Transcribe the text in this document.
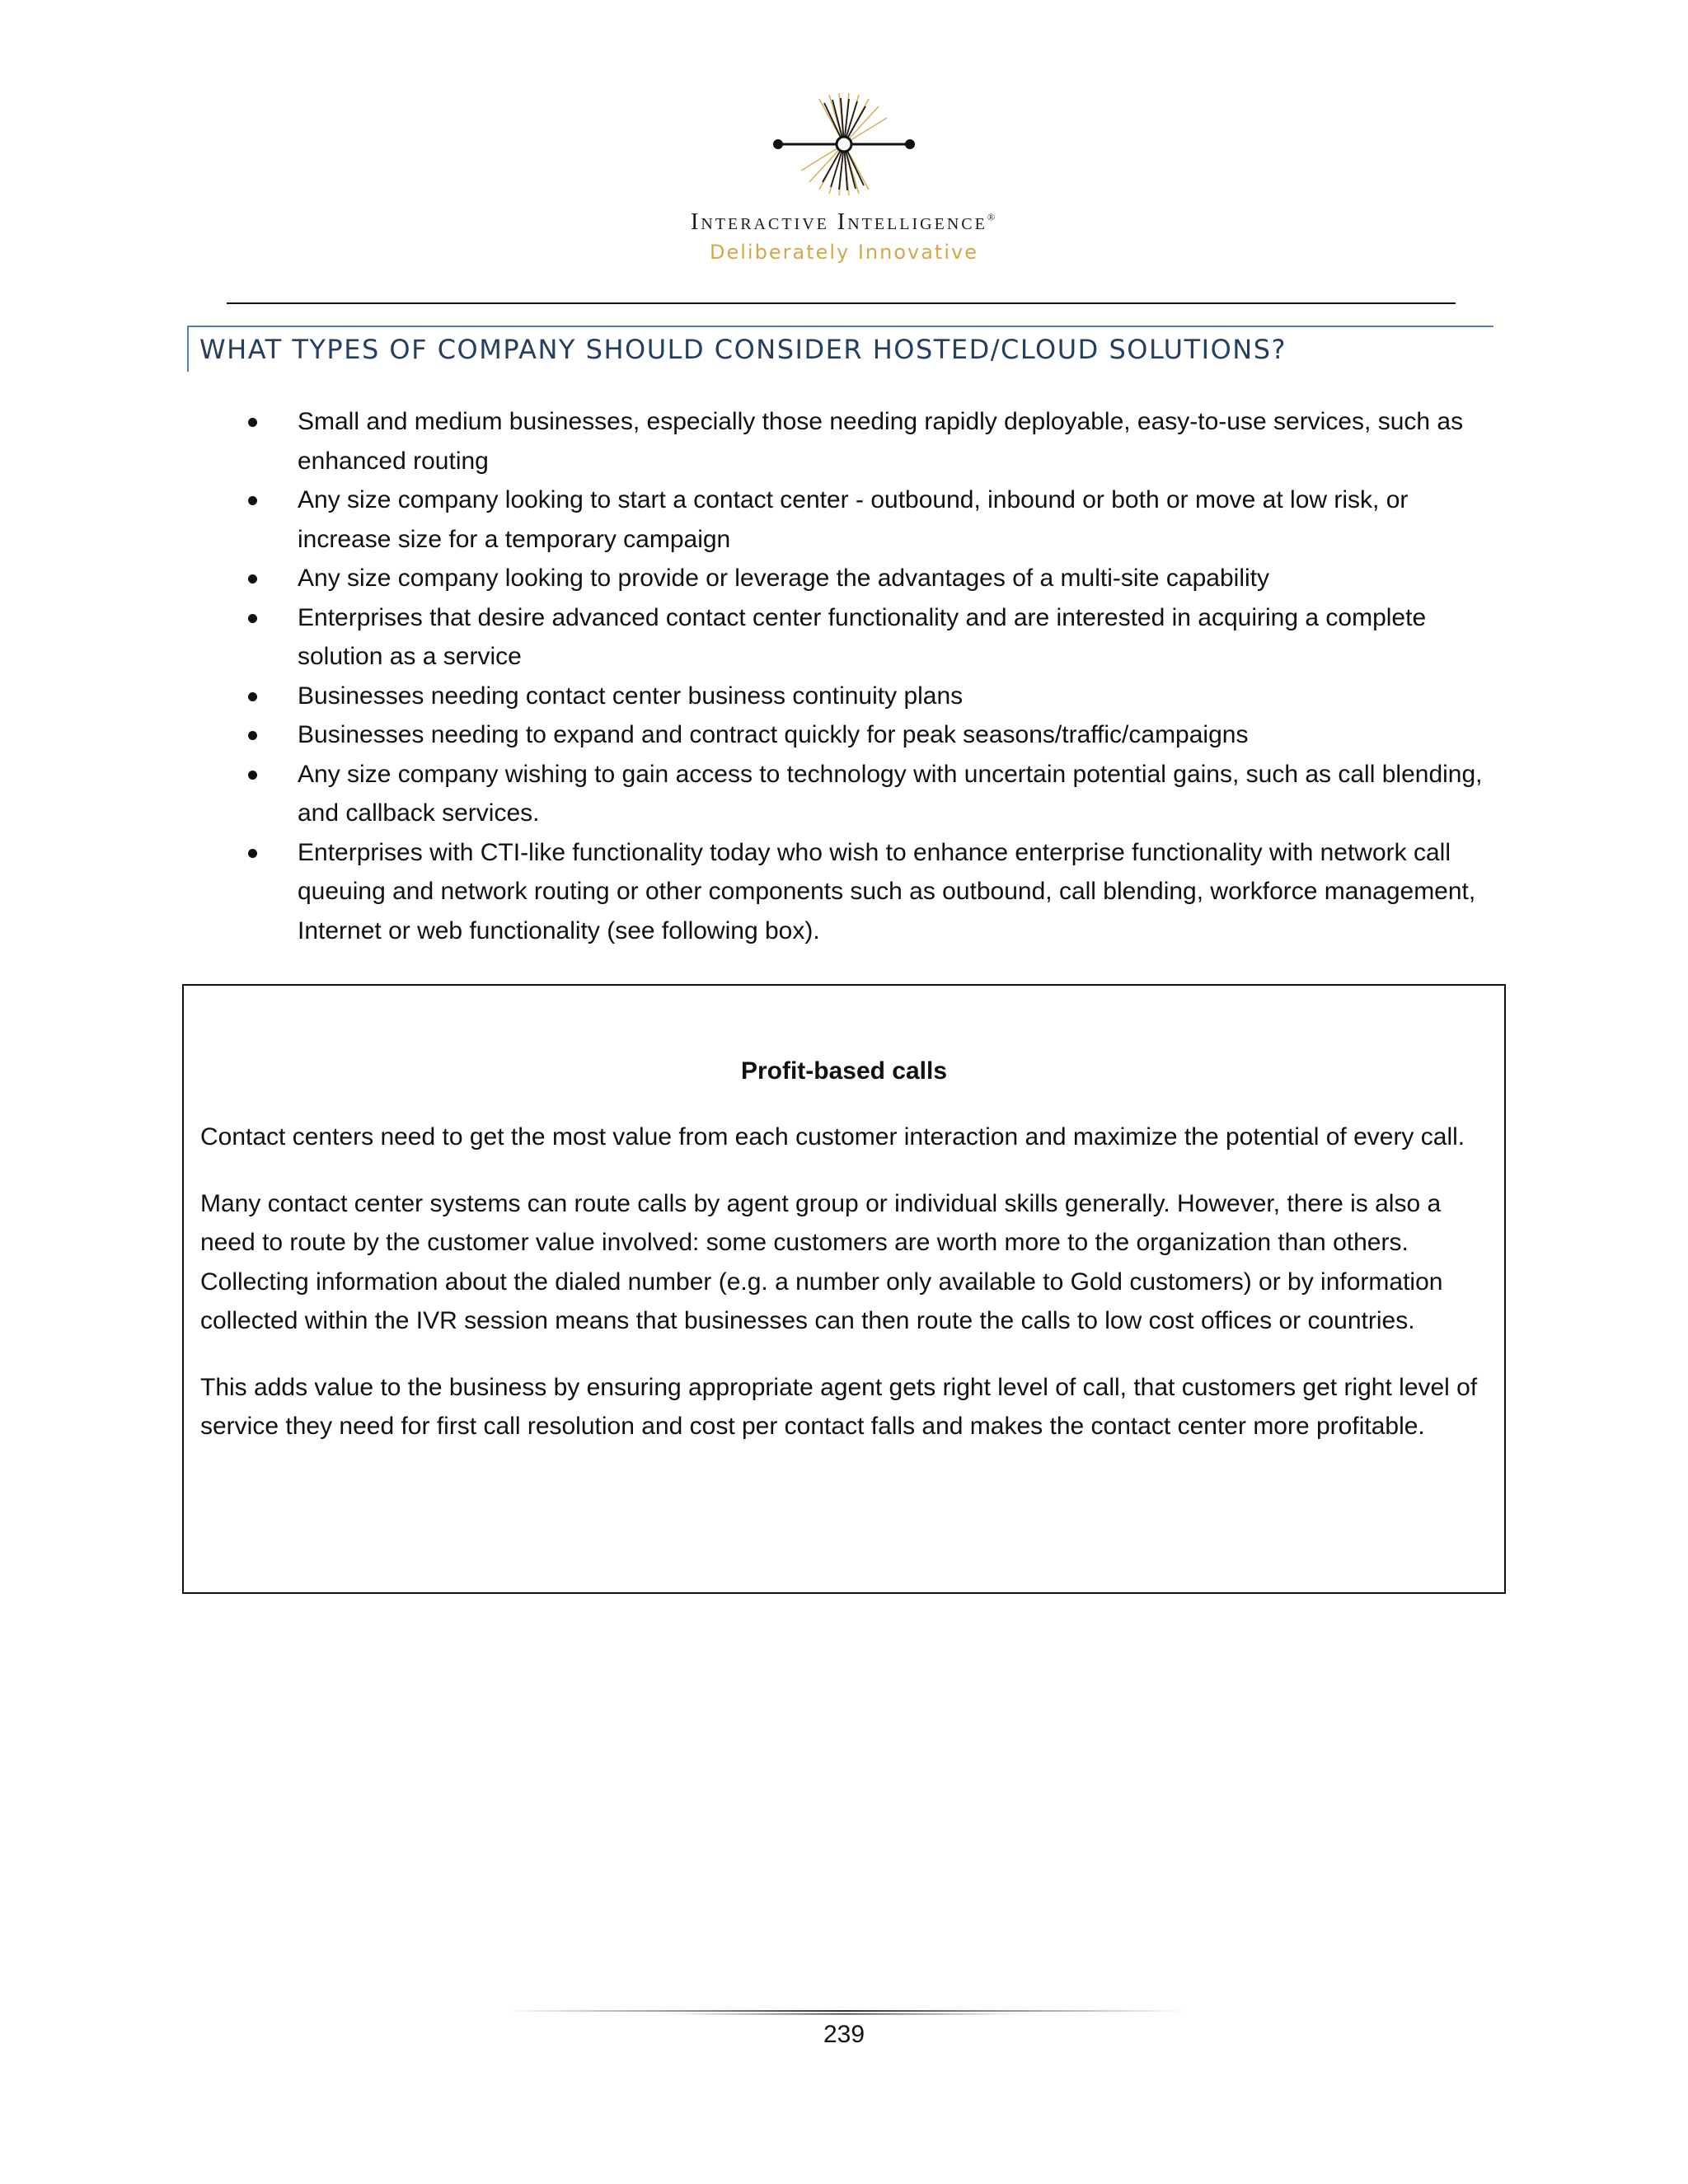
Interactive Intelligence®
Deliberately Innovative
WHAT TYPES OF COMPANY SHOULD CONSIDER HOSTED/CLOUD SOLUTIONS?
Small and medium businesses, especially those needing rapidly deployable, easy-to-use services, such as enhanced routing
Any size company looking to start a contact center - outbound, inbound or both or move at low risk, or increase size for a temporary campaign
Any size company looking to provide or leverage the advantages of a multi-site capability
Enterprises that desire advanced contact center functionality and are interested in acquiring a complete solution as a service
Businesses needing contact center business continuity plans
Businesses needing to expand and contract quickly for peak seasons/traffic/campaigns
Any size company wishing to gain access to technology with uncertain potential gains, such as call blending, and callback services.
Enterprises with CTI-like functionality today who wish to enhance enterprise functionality with network call queuing and network routing or other components such as outbound, call blending, workforce management, Internet or web functionality (see following box).
Profit-based calls

Contact centers need to get the most value from each customer interaction and maximize the potential of every call.

Many contact center systems can route calls by agent group or individual skills generally. However, there is also a need to route by the customer value involved: some customers are worth more to the organization than others. Collecting information about the dialed number (e.g. a number only available to Gold customers) or by information collected within the IVR session means that businesses can then route the calls to low cost offices or countries.

This adds value to the business by ensuring appropriate agent gets right level of call, that customers get right level of service they need for first call resolution and cost per contact falls and makes the contact center more profitable.

239
